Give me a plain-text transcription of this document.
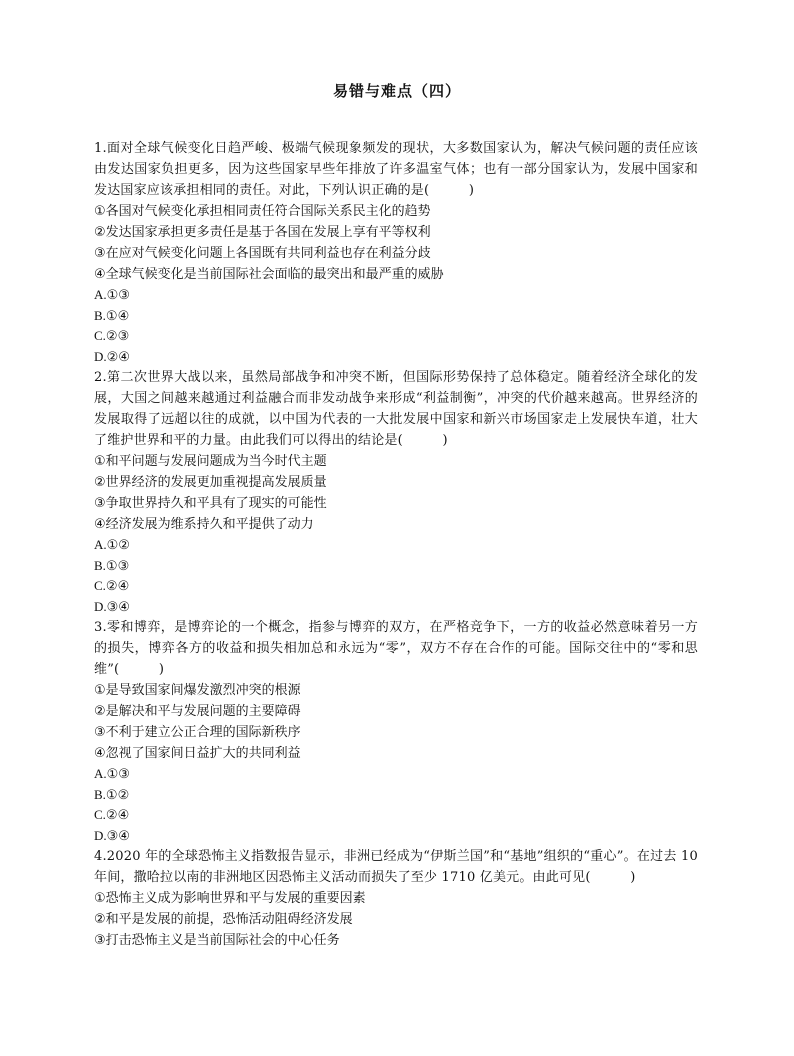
易错与难点（四）

1.面对全球气候变化日趋严峻、极端气候现象频发的现状，大多数国家认为，解决气候问题的责任应该由发达国家负担更多，因为这些国家早些年排放了许多温室气体；也有一部分国家认为，发展中国家和发达国家应该承担相同的责任。对此，下列认识正确的是(　　　)

①各国对气候变化承担相同责任符合国际关系民主化的趋势

②发达国家承担更多责任是基于各国在发展上享有平等权利

③在应对气候变化问题上各国既有共同利益也存在利益分歧

④全球气候变化是当前国际社会面临的最突出和最严重的威胁

A.①③

B.①④

C.②③

D.②④

2.第二次世界大战以来，虽然局部战争和冲突不断，但国际形势保持了总体稳定。随着经济全球化的发展，大国之间越来越通过利益融合而非发动战争来形成“利益制衡”，冲突的代价越来越高。世界经济的发展取得了远超以往的成就，以中国为代表的一大批发展中国家和新兴市场国家走上发展快车道，壮大了维护世界和平的力量。由此我们可以得出的结论是(　　　)

①和平问题与发展问题成为当今时代主题

②世界经济的发展更加重视提高发展质量

③争取世界持久和平具有了现实的可能性

④经济发展为维系持久和平提供了动力

A.①②

B.①③

C.②④

D.③④

3.零和博弈，是博弈论的一个概念，指参与博弈的双方，在严格竞争下，一方的收益必然意味着另一方的损失，博弈各方的收益和损失相加总和永远为“零”，双方不存在合作的可能。国际交往中的“零和思维”(　　　)

①是导致国家间爆发激烈冲突的根源

②是解决和平与发展问题的主要障碍

③不利于建立公正合理的国际新秩序

④忽视了国家间日益扩大的共同利益

A.①③

B.①②

C.②④

D.③④

4.2020 年的全球恐怖主义指数报告显示，非洲已经成为“伊斯兰国”和“基地”组织的“重心”。在过去 10 年间，撒哈拉以南的非洲地区因恐怖主义活动而损失了至少 1710 亿美元。由此可见(　　　)

①恐怖主义成为影响世界和平与发展的重要因素

②和平是发展的前提，恐怖活动阻碍经济发展

③打击恐怖主义是当前国际社会的中心任务
